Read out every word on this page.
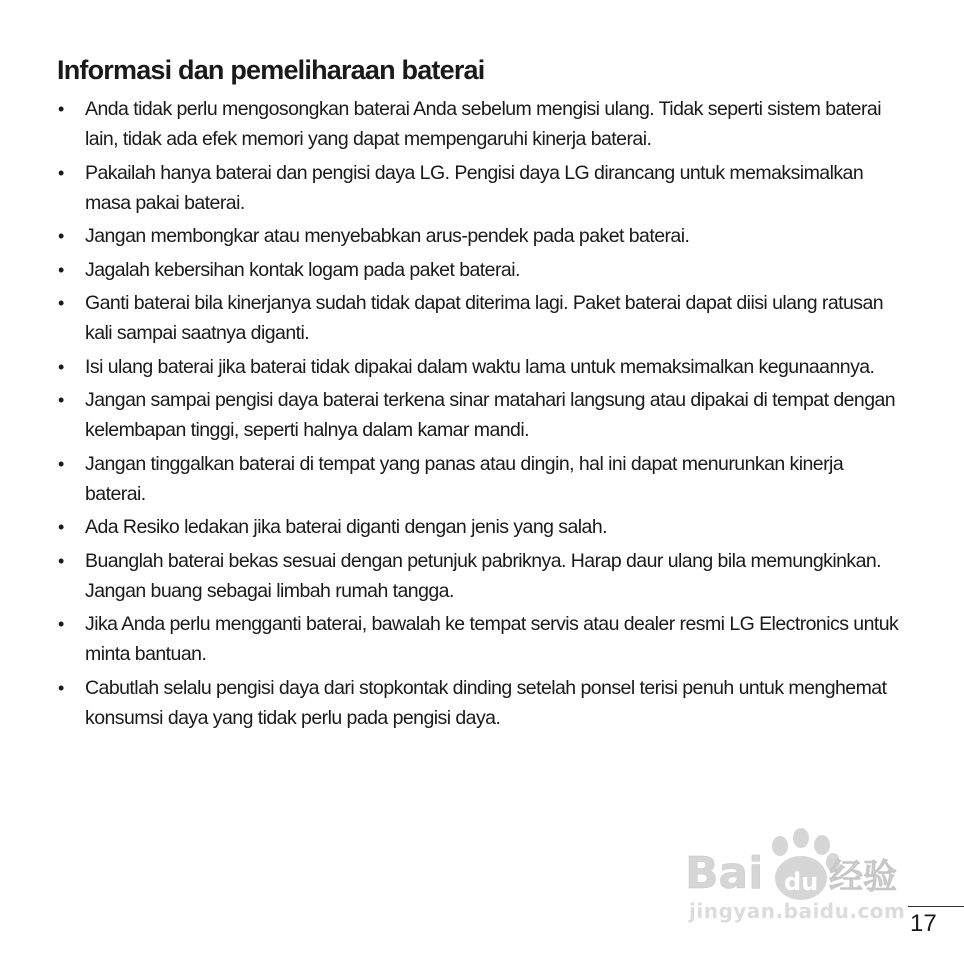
Informasi dan pemeliharaan baterai
• Anda tidak perlu mengosongkan baterai Anda sebelum mengisi ulang. Tidak seperti sistem baterai lain, tidak ada efek memori yang dapat mempengaruhi kinerja baterai.
• Pakailah hanya baterai dan pengisi daya LG. Pengisi daya LG dirancang untuk memaksimalkan masa pakai baterai.
• Jangan membongkar atau menyebabkan arus-pendek pada paket baterai.
• Jagalah kebersihan kontak logam pada paket baterai.
• Ganti baterai bila kinerjanya sudah tidak dapat diterima lagi. Paket baterai dapat diisi ulang ratusan kali sampai saatnya diganti.
• Isi ulang baterai jika baterai tidak dipakai dalam waktu lama untuk memaksimalkan kegunaannya.
• Jangan sampai pengisi daya baterai terkena sinar matahari langsung atau dipakai di tempat dengan kelembapan tinggi, seperti halnya dalam kamar mandi.
• Jangan tinggalkan baterai di tempat yang panas atau dingin, hal ini dapat menurunkan kinerja baterai.
• Ada Resiko ledakan jika baterai diganti dengan jenis yang salah.
• Buanglah baterai bekas sesuai dengan petunjuk pabriknya. Harap daur ulang bila memungkinkan. Jangan buang sebagai limbah rumah tangga.
• Jika Anda perlu mengganti baterai, bawalah ke tempat servis atau dealer resmi LG Electronics untuk minta bantuan.
• Cabutlah selalu pengisi daya dari stopkontak dinding setelah ponsel terisi penuh untuk menghemat konsumsi daya yang tidak perlu pada pengisi daya.
Bai du 经验
jingyan.baidu.com 17
